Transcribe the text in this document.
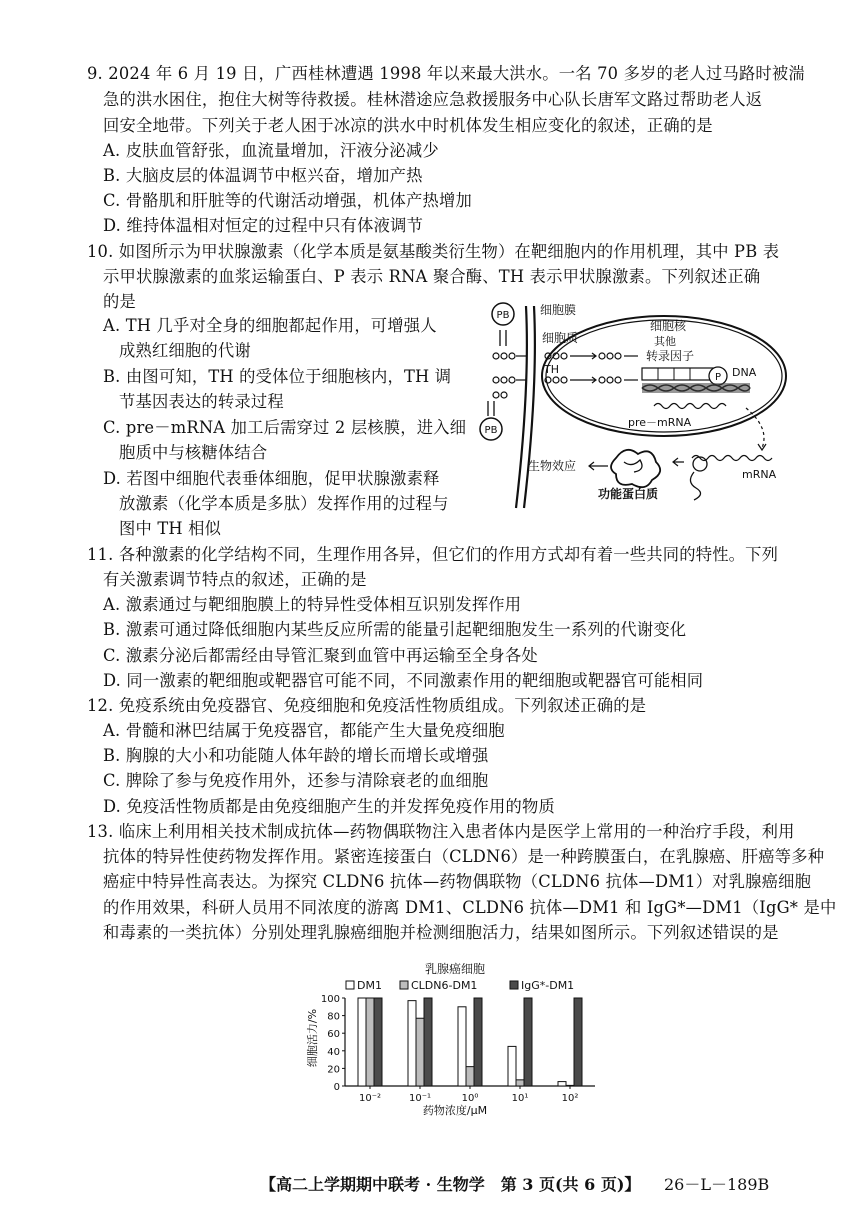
9. 2024 年 6 月 19 日，广西桂林遭遇 1998 年以来最大洪水。一名 70 多岁的老人过马路时被湍
急的洪水困住，抱住大树等待救援。桂林潜途应急救援服务中心队长唐军文路过帮助老人返
回安全地带。下列关于老人困于冰凉的洪水中时机体发生相应变化的叙述，正确的是
A. 皮肤血管舒张，血流量增加，汗液分泌减少
B. 大脑皮层的体温调节中枢兴奋，增加产热
C. 骨骼肌和肝脏等的代谢活动增强，机体产热增加
D. 维持体温相对恒定的过程中只有体液调节
10. 如图所示为甲状腺激素（化学本质是氨基酸类衍生物）在靶细胞内的作用机理，其中 PB 表
示甲状腺激素的血浆运输蛋白、P 表示 RNA 聚合酶、TH 表示甲状腺激素。下列叙述正确
的是
A. TH 几乎对全身的细胞都起作用，可增强人
成熟红细胞的代谢
B. 由图可知，TH 的受体位于细胞核内，TH 调
节基因表达的转录过程
C. pre－mRNA 加工后需穿过 2 层核膜，进入细
胞质中与核糖体结合
D. 若图中细胞代表垂体细胞，促甲状腺激素释
放激素（化学本质是多肽）发挥作用的过程与
图中 TH 相似
PB
PB
细胞膜
细胞质
细胞核
其他
转录因子
TH
P DNA
pre－mRNA
mRNA
功能蛋白质
生物效应
11. 各种激素的化学结构不同，生理作用各异，但它们的作用方式却有着一些共同的特性。下列
有关激素调节特点的叙述，正确的是
A. 激素通过与靶细胞膜上的特异性受体相互识别发挥作用
B. 激素可通过降低细胞内某些反应所需的能量引起靶细胞发生一系列的代谢变化
C. 激素分泌后都需经由导管汇聚到血管中再运输至全身各处
D. 同一激素的靶细胞或靶器官可能不同，不同激素作用的靶细胞或靶器官可能相同
12. 免疫系统由免疫器官、免疫细胞和免疫活性物质组成。下列叙述正确的是
A. 骨髓和淋巴结属于免疫器官，都能产生大量免疫细胞
B. 胸腺的大小和功能随人体年龄的增长而增长或增强
C. 脾除了参与免疫作用外，还参与清除衰老的血细胞
D. 免疫活性物质都是由免疫细胞产生的并发挥免疫作用的物质
13. 临床上利用相关技术制成抗体—药物偶联物注入患者体内是医学上常用的一种治疗手段，利用
抗体的特异性使药物发挥作用。紧密连接蛋白（CLDN6）是一种跨膜蛋白，在乳腺癌、肝癌等多种
癌症中特异性高表达。为探究 CLDN6 抗体—药物偶联物（CLDN6 抗体—DM1）对乳腺癌细胞
的作用效果，科研人员用不同浓度的游离 DM1、CLDN6 抗体—DM1 和 IgG*—DM1（IgG* 是中
和毒素的一类抗体）分别处理乳腺癌细胞并检测细胞活力，结果如图所示。下列叙述错误的是
乳腺癌细胞
DM1	CLDN6-DM1	IgG*-DM1
细胞活力/%
0
20
40
60
80
100
10⁻²	10⁻¹	10⁰	10¹	10²
药物浓度/μM
【高二上学期期中联考 · 生物学　第 3 页(共 6 页)】 26－L－189B
